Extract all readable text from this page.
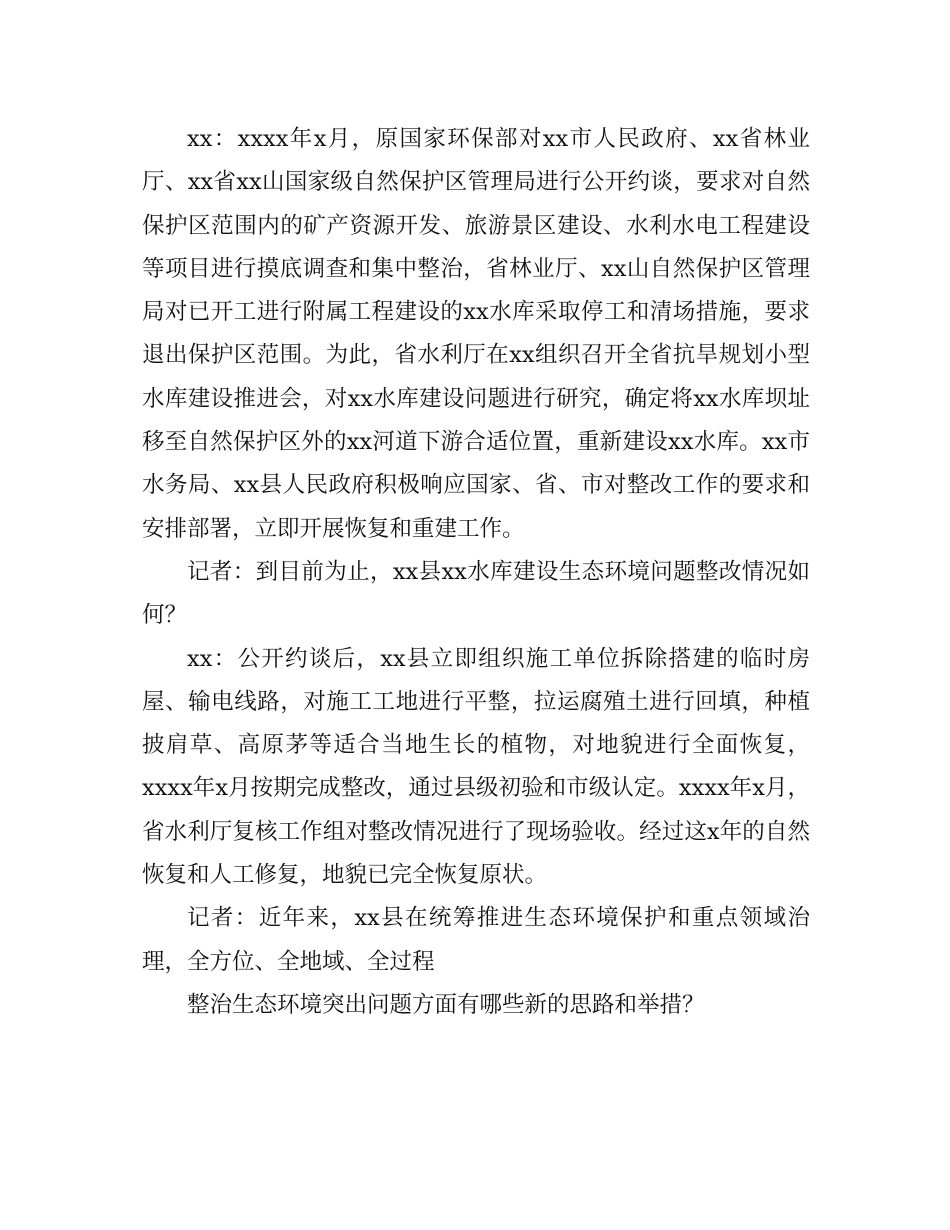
xx：xxxx年x月，原国家环保部对xx市人民政府、xx省林业厅、xx省xx山国家级自然保护区管理局进行公开约谈，要求对自然保护区范围内的矿产资源开发、旅游景区建设、水利水电工程建设等项目进行摸底调查和集中整治，省林业厅、xx山自然保护区管理局对已开工进行附属工程建设的xx水库采取停工和清场措施，要求退出保护区范围。为此，省水利厅在xx组织召开全省抗旱规划小型水库建设推进会，对xx水库建设问题进行研究，确定将xx水库坝址移至自然保护区外的xx河道下游合适位置，重新建设xx水库。xx市水务局、xx县人民政府积极响应国家、省、市对整改工作的要求和安排部署，立即开展恢复和重建工作。

记者：到目前为止，xx县xx水库建设生态环境问题整改情况如何？

xx：公开约谈后，xx县立即组织施工单位拆除搭建的临时房屋、输电线路，对施工工地进行平整，拉运腐殖土进行回填，种植披肩草、高原茅等适合当地生长的植物，对地貌进行全面恢复，xxxx年x月按期完成整改，通过县级初验和市级认定。xxxx年x月，省水利厅复核工作组对整改情况进行了现场验收。经过这x年的自然恢复和人工修复，地貌已完全恢复原状。

记者：近年来，xx县在统筹推进生态环境保护和重点领域治理，全方位、全地域、全过程

整治生态环境突出问题方面有哪些新的思路和举措？
